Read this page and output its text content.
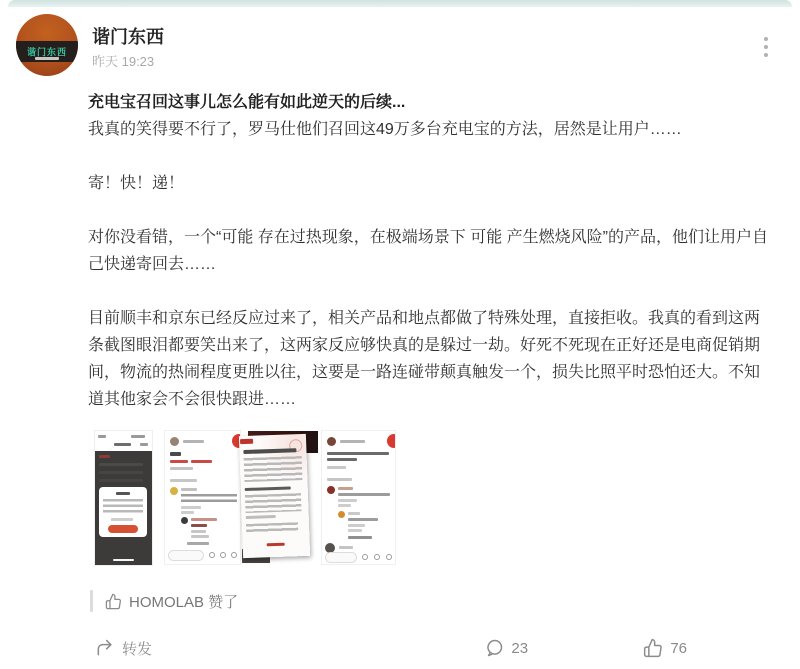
谐门东西
谐门东西
昨天 19:23

充电宝召回这事儿怎么能有如此逆天的后续...

我真的笑得要不行了，罗马仕他们召回这49万多台充电宝的方法，居然是让用户……

寄！快！递！

对你没看错，一个“可能 存在过热现象，在极端场景下 可能 产生燃烧风险”的产品，他们让用户自己快递寄回去……

目前顺丰和京东已经反应过来了，相关产品和地点都做了特殊处理，直接拒收。我真的看到这两条截图眼泪都要笑出来了，这两家反应够快真的是躲过一劫。好死不死现在正好还是电商促销期间，物流的热闹程度更胜以往，这要是一路连碰带颠真触发一个，损失比照平时恐怕还大。不知道其他家会不会很快跟进……

HOMOLAB 赞了
转发	23	76
